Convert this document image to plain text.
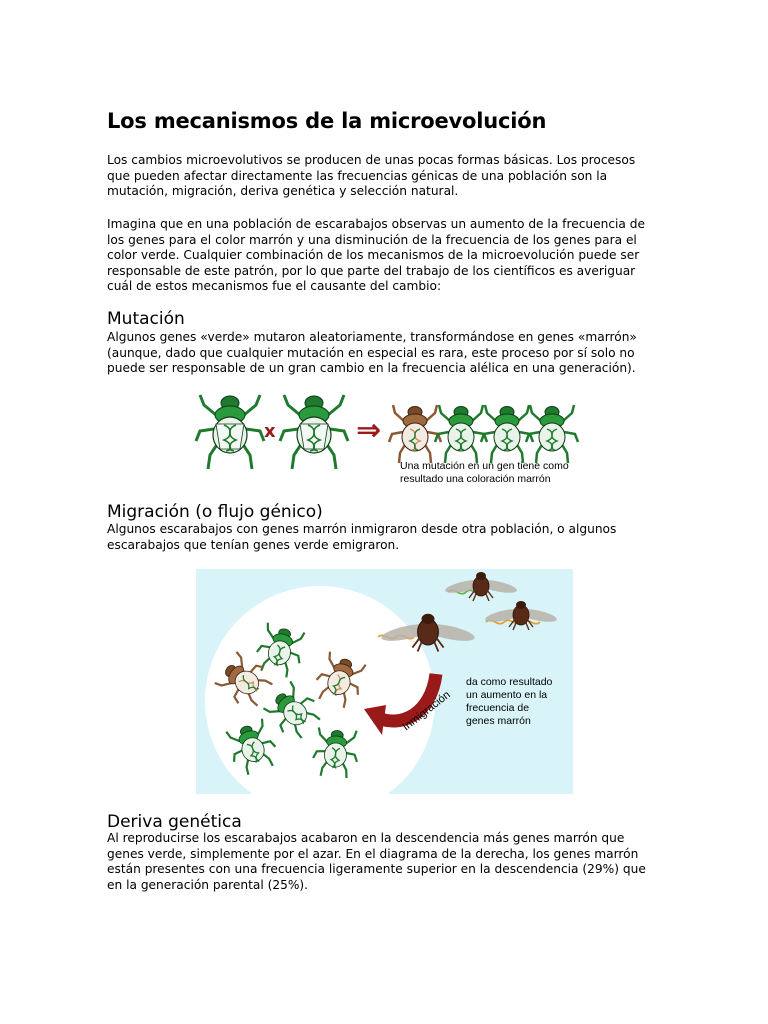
Los mecanismos de la microevolución

Los cambios microevolutivos se producen de unas pocas formas básicas. Los procesos que pueden afectar directamente las frecuencias génicas de una población son la mutación, migración, deriva genética y selección natural.

Imagina que en una población de escarabajos observas un aumento de la frecuencia de los genes para el color marrón y una disminución de la frecuencia de los genes para el color verde. Cualquier combinación de los mecanismos de la microevolución puede ser responsable de este patrón, por lo que parte del trabajo de los científicos es averiguar cuál de estos mecanismos fue el causante del cambio:

Mutación

Algunos genes «verde» mutaron aleatoriamente, transformándose en genes «marrón» (aunque, dado que cualquier mutación en especial es rara, este proceso por sí solo no puede ser responsable de un gran cambio en la frecuencia alélica en una generación).

Migración (o flujo génico)

Algunos escarabajos con genes marrón inmigraron desde otra población, o algunos escarabajos que tenían genes verde emigraron.

Deriva genética

Al reproducirse los escarabajos acabaron en la descendencia más genes marrón que genes verde, simplemente por el azar. En el diagrama de la derecha, los genes marrón están presentes con una frecuencia ligeramente superior en la descendencia (29%) que en la generación parental (25%).

x	⇒
Una mutación en un gen tiene como
resultado una coloración marrón
Inmigración
da como resultado
un aumento en la
frecuencia de
genes marrón
